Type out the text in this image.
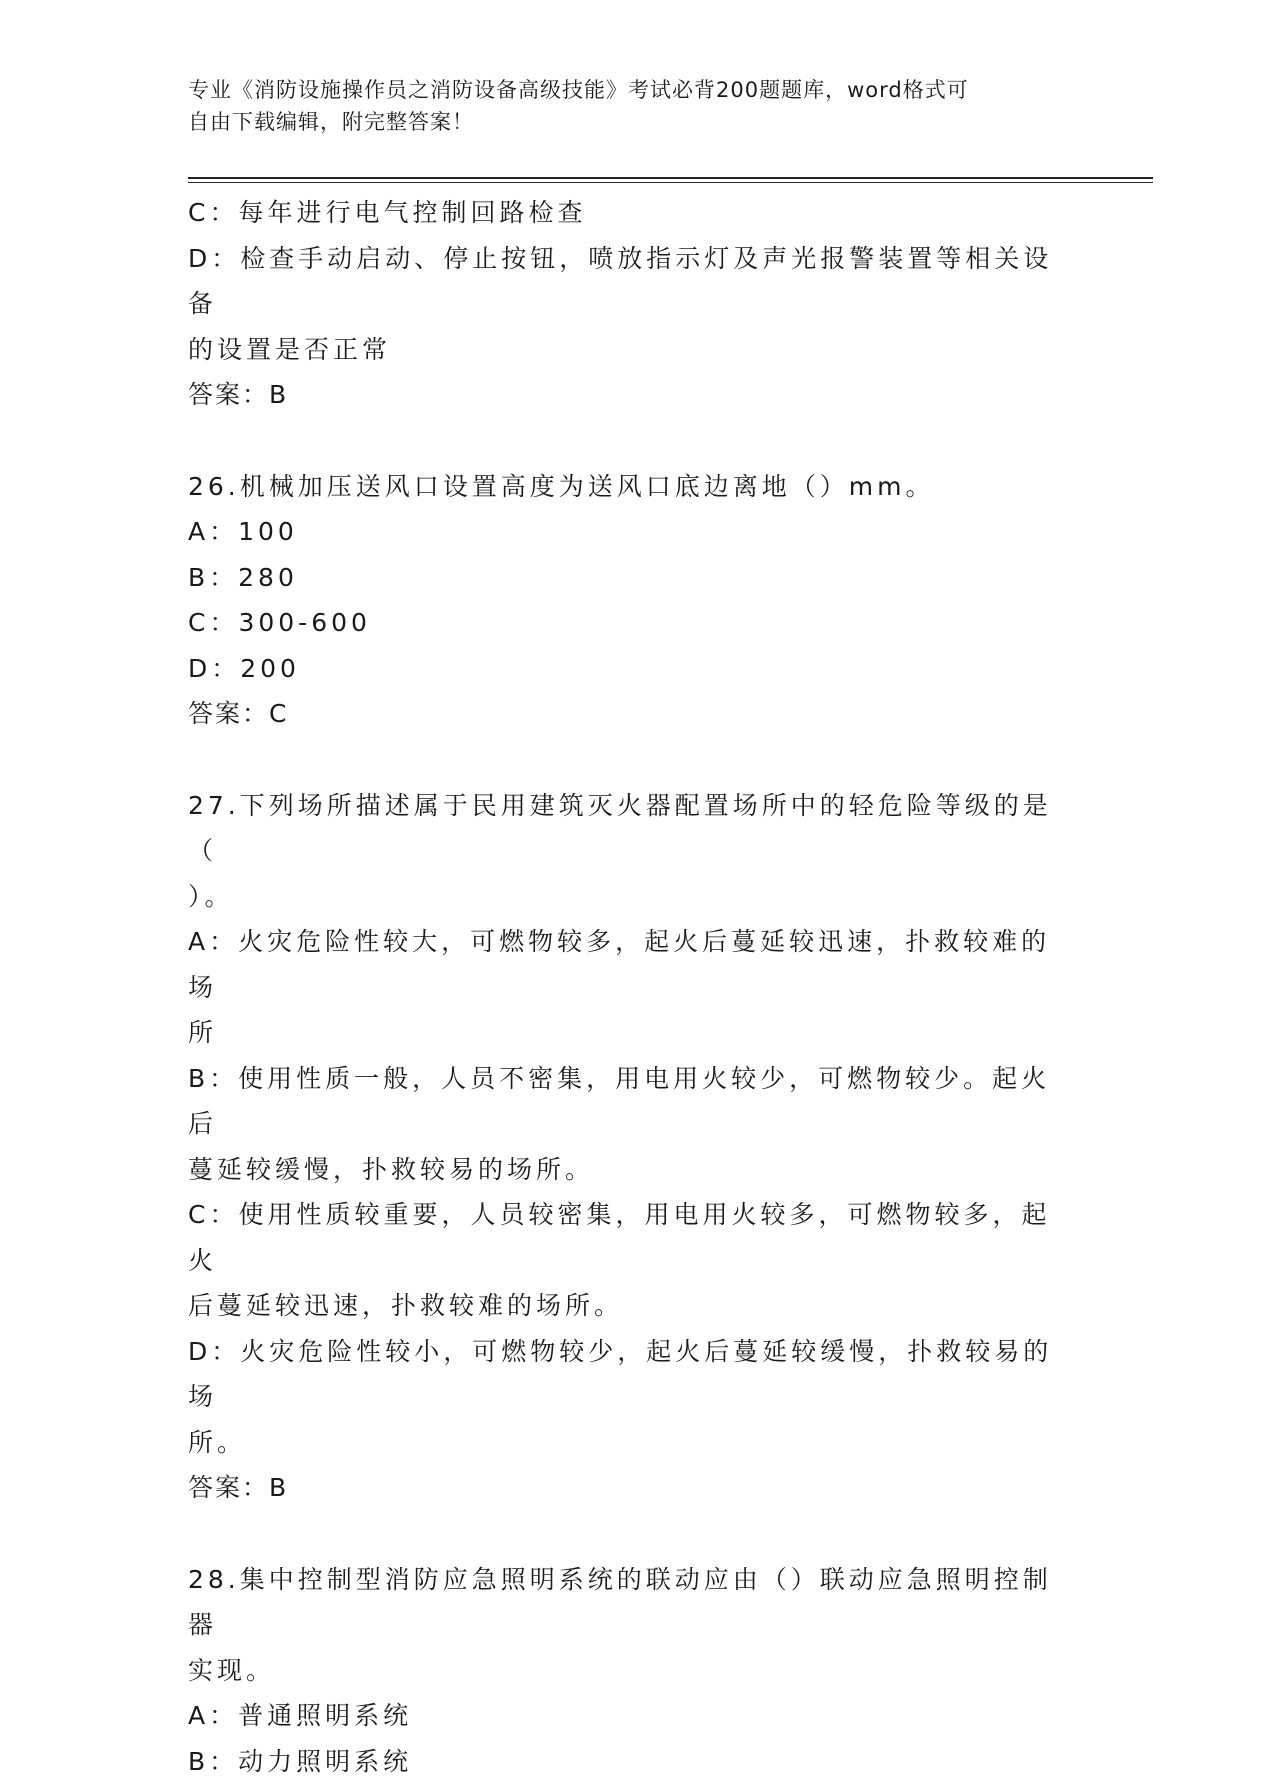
专业《消防设施操作员之消防设备高级技能》考试必背200题题库，word格式可
自由下载编辑，附完整答案！
C：每年进行电气控制回路检查
D：检查手动启动、停止按钮，喷放指示灯及声光报警装置等相关设备
的设置是否正常
答案：B
26.机械加压送风口设置高度为送风口底边离地（）mm。
A：100
B：280
C：300-600
D：200
答案：C
27.下列场所描述属于民用建筑灭火器配置场所中的轻危险等级的是（
）。
A：火灾危险性较大，可燃物较多，起火后蔓延较迅速，扑救较难的场
所
B：使用性质一般，人员不密集，用电用火较少，可燃物较少。起火后
蔓延较缓慢，扑救较易的场所。
C：使用性质较重要，人员较密集，用电用火较多，可燃物较多，起火
后蔓延较迅速，扑救较难的场所。
D：火灾危险性较小，可燃物较少，起火后蔓延较缓慢，扑救较易的场
所。
答案：B
28.集中控制型消防应急照明系统的联动应由（）联动应急照明控制器
实现。
A：普通照明系统
B：动力照明系统
